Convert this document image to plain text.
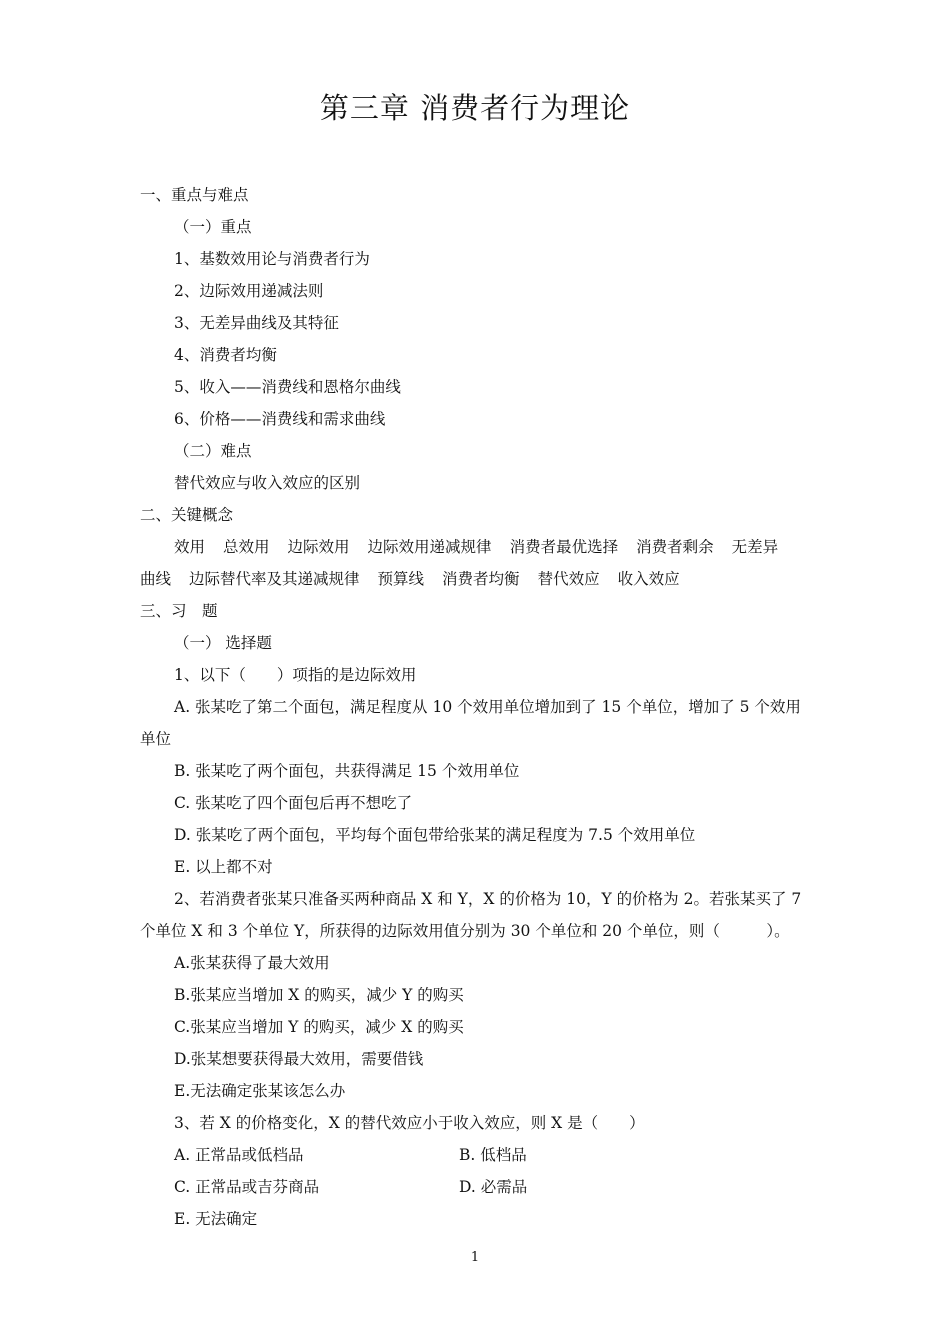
第三章 消费者行为理论

一、重点与难点

（一）重点

1、基数效用论与消费者行为

2、边际效用递减法则

3、无差异曲线及其特征

4、消费者均衡

5、收入——消费线和恩格尔曲线

6、价格——消费线和需求曲线

（二）难点

替代效应与收入效应的区别

二、关键概念

效用 总效用 边际效用 边际效用递减规律 消费者最优选择 消费者剩余 无差异

曲线 边际替代率及其递减规律 预算线 消费者均衡 替代效应 收入效应

三、习　题

（一） 选择题

1、以下（　　）项指的是边际效用

A. 张某吃了第二个面包，满足程度从 10 个效用单位增加到了 15 个单位，增加了 5 个效用单位

B. 张某吃了两个面包，共获得满足 15 个效用单位

C. 张某吃了四个面包后再不想吃了

D. 张某吃了两个面包，平均每个面包带给张某的满足程度为 7.5 个效用单位

E. 以上都不对

2、若消费者张某只准备买两种商品 X 和 Y，X 的价格为 10，Y 的价格为 2。若张某买了 7 个单位 X 和 3 个单位 Y，所获得的边际效用值分别为 30 个单位和 20 个单位，则（　　　）。

A.张某获得了最大效用

B.张某应当增加 X 的购买，减少 Y 的购买

C.张某应当增加 Y 的购买，减少 X 的购买

D.张某想要获得最大效用，需要借钱

E.无法确定张某该怎么办

3、若 X 的价格变化，X 的替代效应小于收入效应，则 X 是（　　）

A. 正常品或低档品	B. 低档品
C. 正常品或吉芬商品	D. 必需品

E. 无法确定

1
